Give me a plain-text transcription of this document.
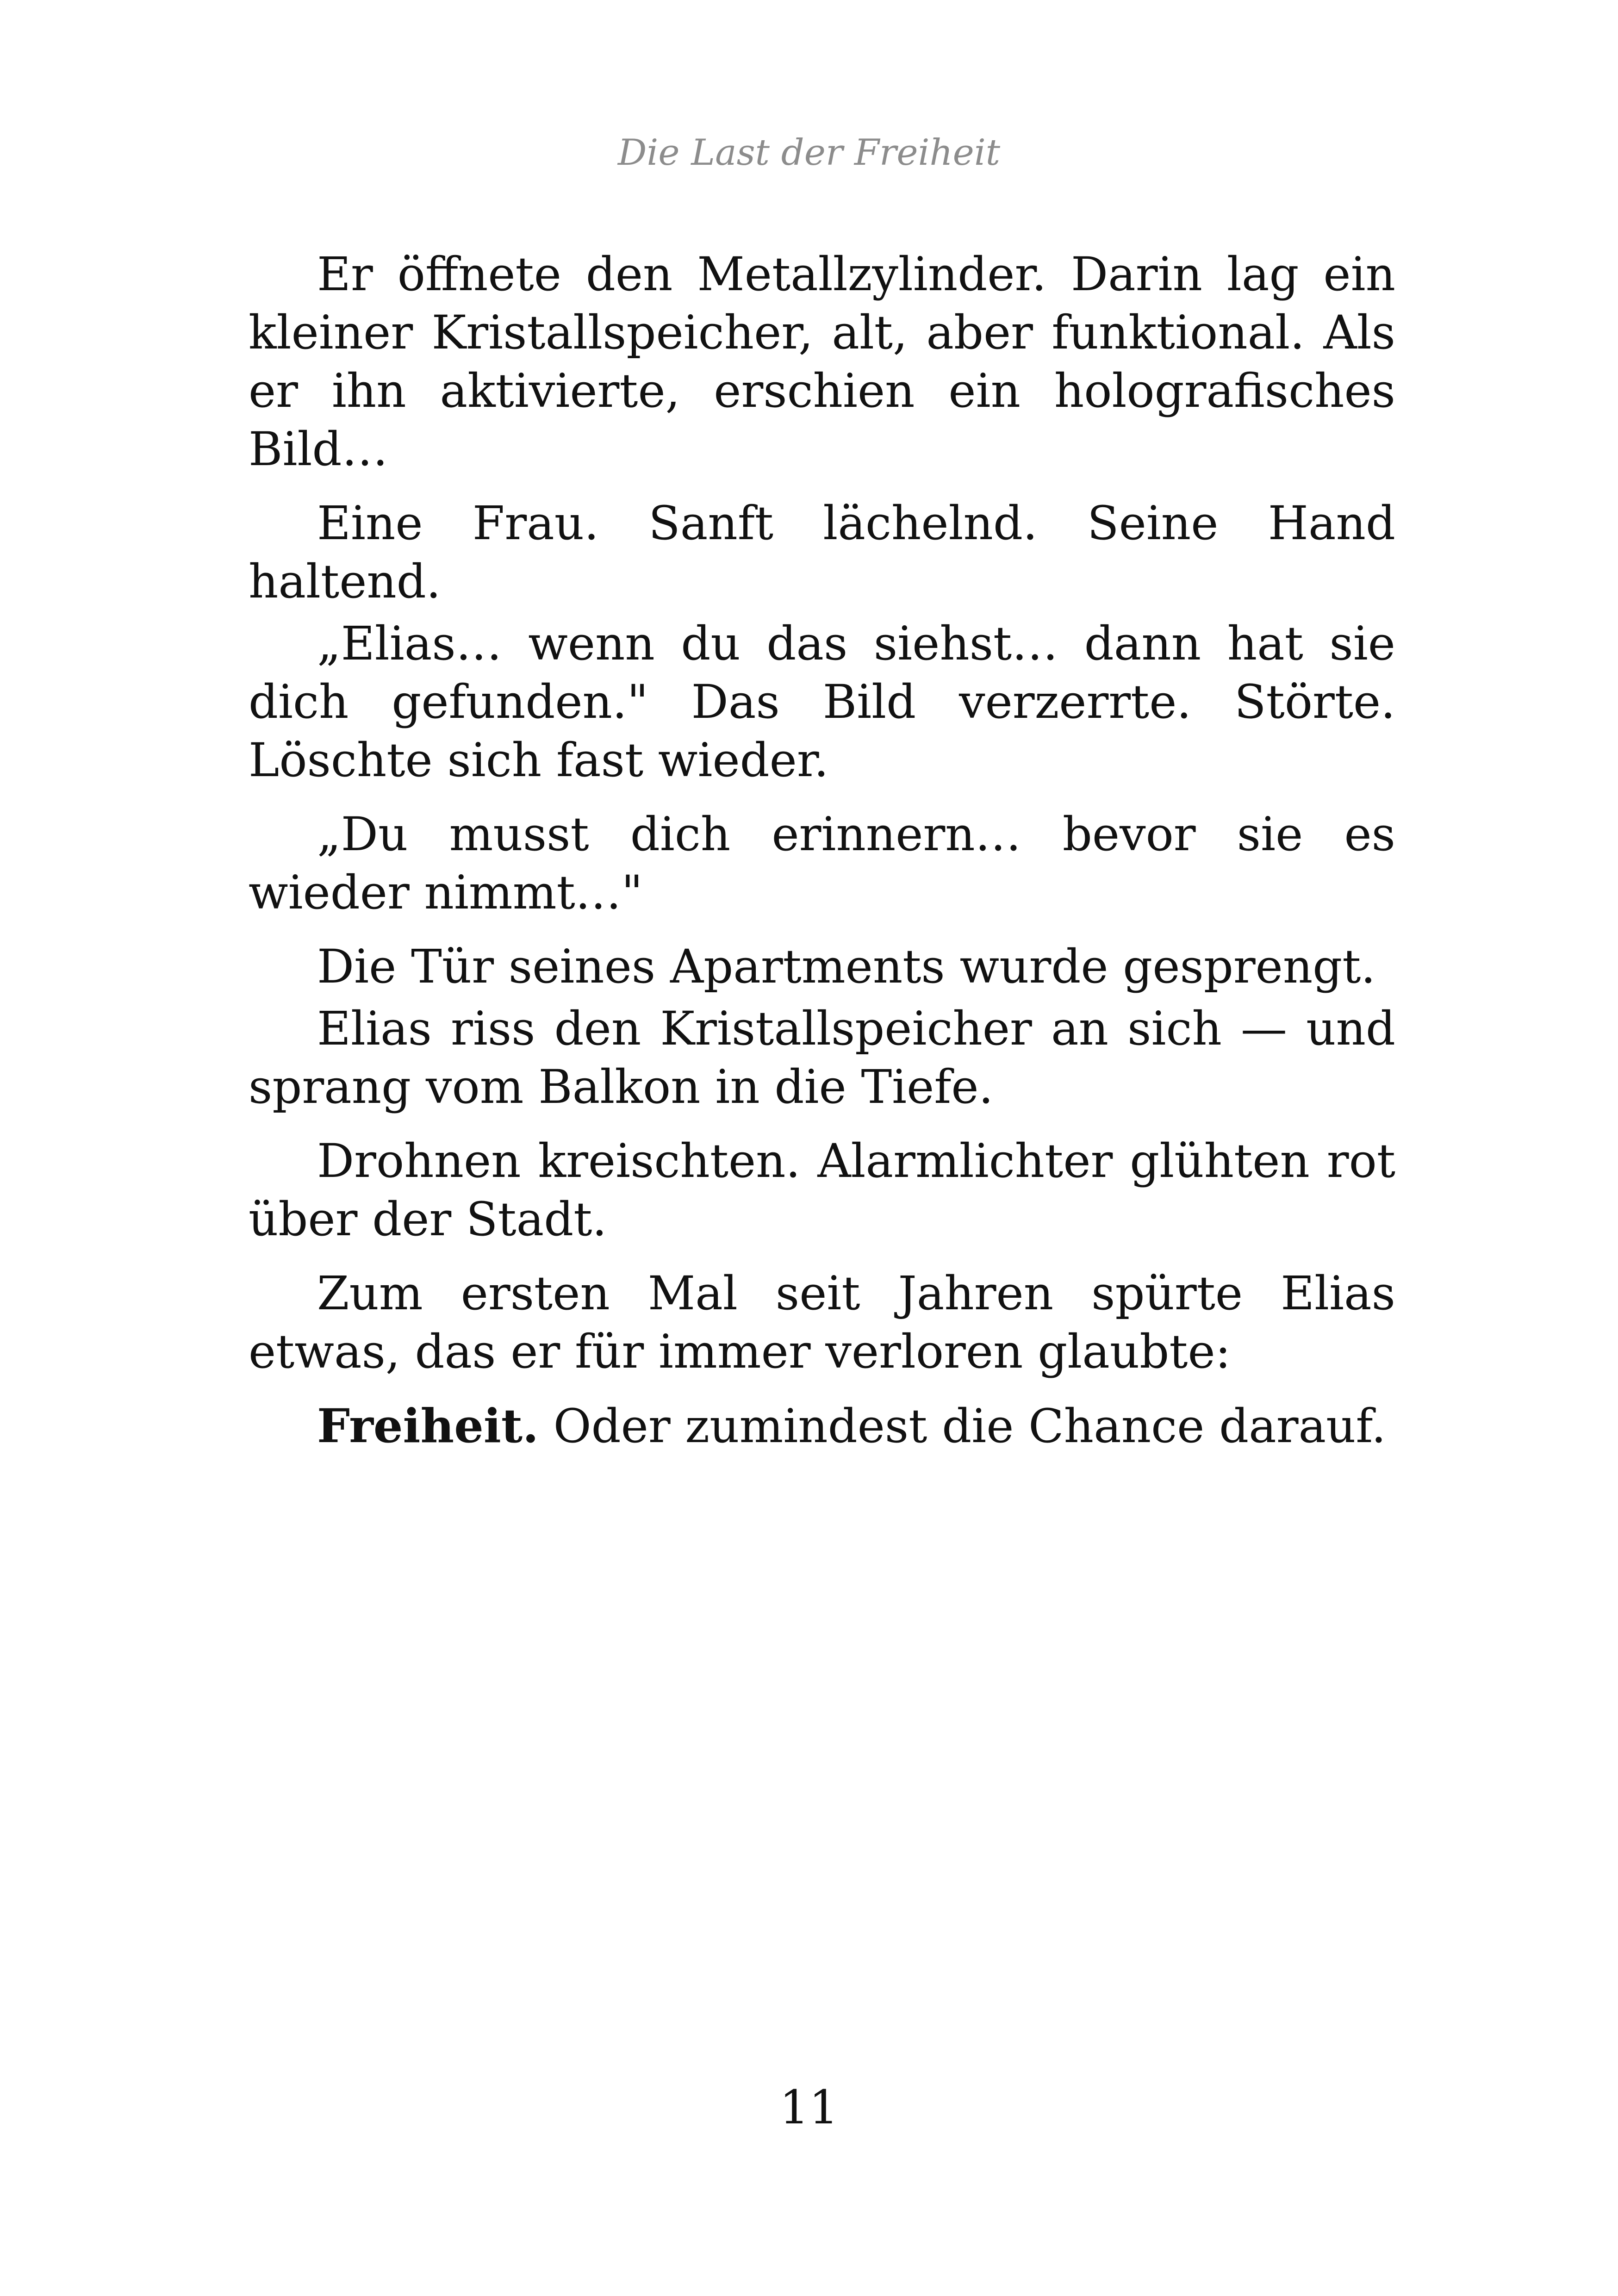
Die Last der Freiheit

Er öffnete den Metallzylinder. Darin lag ein kleiner Kristallspeicher, alt, aber funktional. Als er ihn aktivierte, erschien ein holografisches Bild…

Eine Frau. Sanft lächelnd. Seine Hand haltend.

„Elias… wenn du das siehst… dann hat sie dich gefunden." Das Bild verzerrte. Störte. Löschte sich fast wieder.

„Du musst dich erinnern… bevor sie es wieder nimmt…"

Die Tür seines Apartments wurde gesprengt.

Elias riss den Kristallspeicher an sich — und sprang vom Balkon in die Tiefe.

Drohnen kreischten. Alarmlichter glühten rot über der Stadt.

Zum ersten Mal seit Jahren spürte Elias etwas, das er für immer verloren glaubte:

Freiheit. Oder zumindest die Chance darauf.

11
